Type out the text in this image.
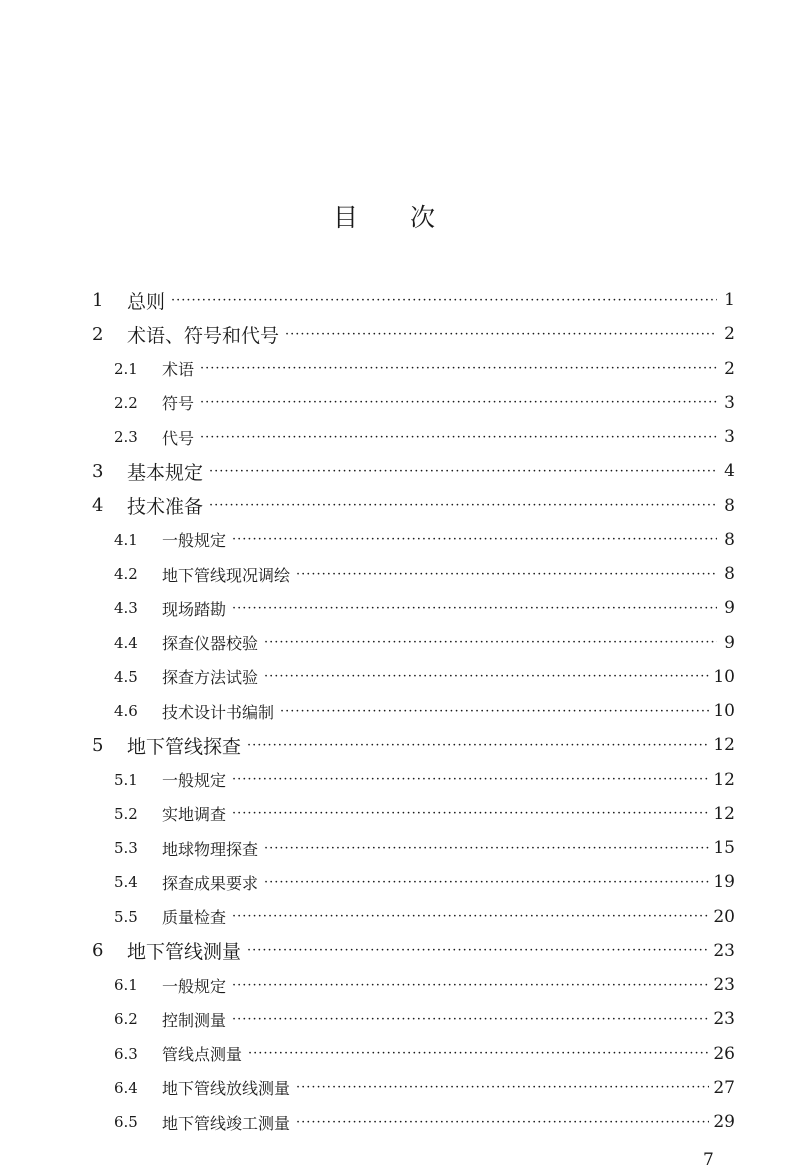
目次
1	总则 ·····	1
2	术语、符号和代号 ·····	2
2.1	术语 ·····	2
2.2	符号 ·····	3
2.3	代号 ·····	3
3	基本规定 ·····	4
4	技术准备 ·····	8
4.1	一般规定 ·····	8
4.2	地下管线现况调绘 ·····	8
4.3	现场踏勘 ·····	9
4.4	探查仪器校验 ·····	9
4.5	探查方法试验 ·····	10
4.6	技术设计书编制 ·····	10
5	地下管线探查 ·····	12
5.1	一般规定 ·····	12
5.2	实地调查 ·····	12
5.3	地球物理探查 ·····	15
5.4	探查成果要求 ·····	19
5.5	质量检查 ·····	20
6	地下管线测量 ·····	23
6.1	一般规定 ·····	23
6.2	控制测量 ·····	23
6.3	管线点测量 ·····	26
6.4	地下管线放线测量 ·····	27
6.5	地下管线竣工测量 ·····	29
7
